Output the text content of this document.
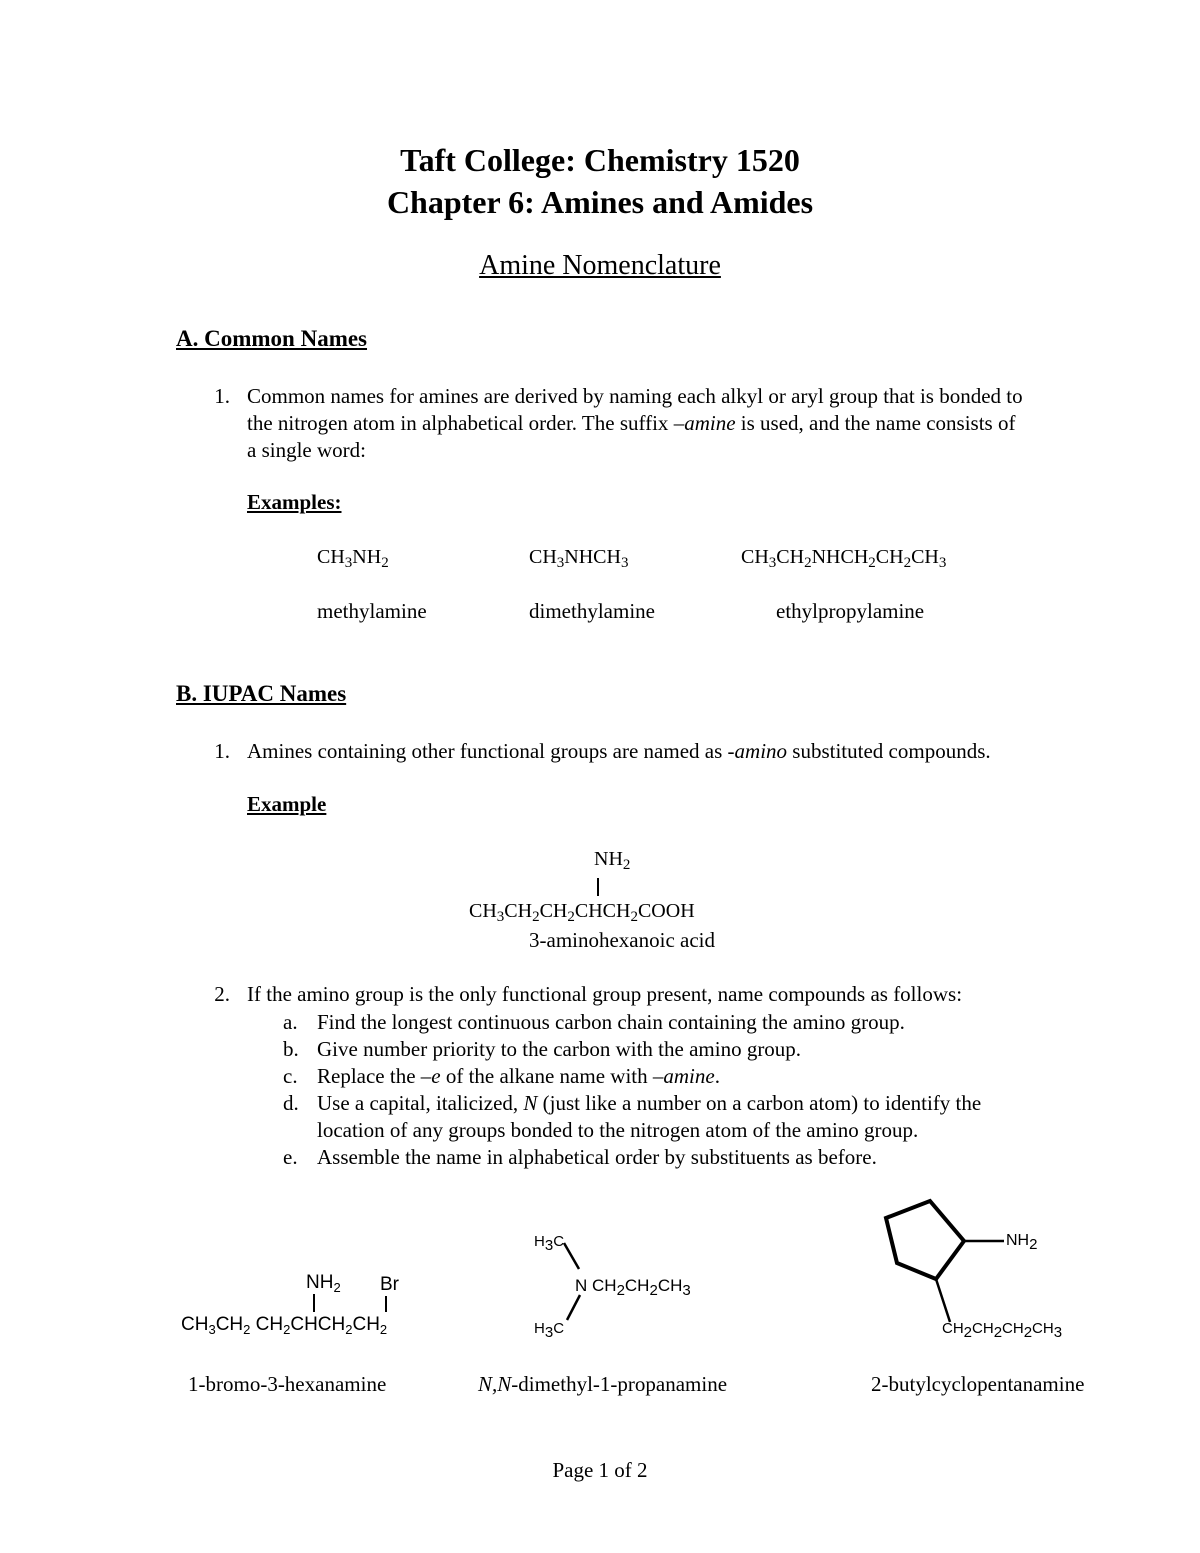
Taft College: Chemistry 1520
Chapter 6: Amines and Amides
Amine Nomenclature
A. Common Names
1. Common names for amines are derived by naming each alkyl or aryl group that is bonded to
the nitrogen atom in alphabetical order. The suffix –amine is used, and the name consists of
a single word:
Examples:
$CH_3NH_2$	$CH_3NHCH_3$	$CH_3CH_2NHCH_2CH_2CH_3$
methylamine	dimethylamine	ethylpropylamine
B. IUPAC Names
1. Amines containing other functional groups are named as -amino substituted compounds.
Example
$NH_2$
$CH_3CH_2CH_2CHCH_2COOH$
3-aminohexanoic acid
2. If the amino group is the only functional group present, name compounds as follows:
a. Find the longest continuous carbon chain containing the amino group.
b. Give number priority to the carbon with the amino group.
c. Replace the –e of the alkane name with –amine.
d. Use a capital, italicized, N (just like a number on a carbon atom) to identify the
location of any groups bonded to the nitrogen atom of the amino group.
e. Assemble the name in alphabetical order by substituents as before.
$NH_2$ Br
$CH_3CH_2$ $CH_2CHCH_2CH_2$
1-bromo-3-hexanamine
H3C
N CH2CH2CH3
H3C
N,N-dimethyl-1-propanamine
NH2
CH2CH2CH2CH3
2-butylcyclopentanamine
Page 1 of 2
